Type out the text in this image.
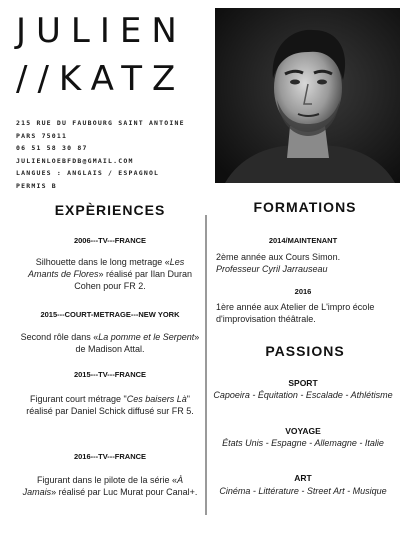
JULIEN
//KATZ
215 RUE DU FAUBOURG SAINT ANTOINE
PARS 75011
06 51 58 30 87
JULIENLOEBFDB@GMAIL.COM
LANGUES : ANGLAIS / ESPAGNOL
PERMIS B
EXPÈRIENCES
2006---TV---FRANCE
Silhouette dans le long metrage «Les Amants de Flores» réalisé par Ilan Duran Cohen pour FR 2.
2015---COURT-METRAGE---NEW YORK
Second rôle dans «La pomme et le Serpent» de Madison Attal.
2015---TV---FRANCE
Figurant court métrage "Ces baisers Là" réalisé par Daniel Schick diffusé sur FR 5.
2016---TV---FRANCE
Figurant dans le pilote de la série «À Jamais» réalisé par Luc Murat pour Canal+.
FORMATIONS
2014/MAINTENANT
2ème année aux Cours Simon.
Professeur Cyril Jarrauseau
2016
1ère année aux Atelier de L'impro école d'improvisation théâtrale.
PASSIONS
SPORT
Capoeira - Équitation - Escalade - Athlétisme
VOYAGE
États Unis - Espagne - Allemagne - Italie
ART
Cinéma - Littérature - Street Art - Musique
